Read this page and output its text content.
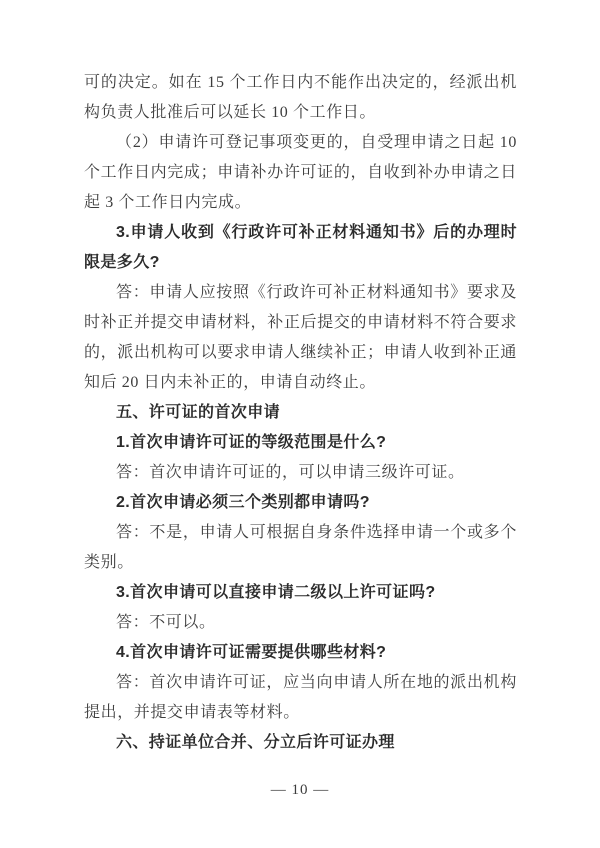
可的决定。如在 15 个工作日内不能作出决定的，经派出机构负责人批准后可以延长 10 个工作日。

（2）申请许可登记事项变更的，自受理申请之日起 10 个工作日内完成；申请补办许可证的，自收到补办申请之日起 3 个工作日内完成。

3.申请人收到《行政许可补正材料通知书》后的办理时限是多久?

答：申请人应按照《行政许可补正材料通知书》要求及时补正并提交申请材料，补正后提交的申请材料不符合要求的，派出机构可以要求申请人继续补正；申请人收到补正通知后 20 日内未补正的，申请自动终止。

五、许可证的首次申请

1.首次申请许可证的等级范围是什么?

答：首次申请许可证的，可以申请三级许可证。

2.首次申请必须三个类别都申请吗?

答：不是，申请人可根据自身条件选择申请一个或多个类别。

3.首次申请可以直接申请二级以上许可证吗?

答：不可以。

4.首次申请许可证需要提供哪些材料?

答：首次申请许可证，应当向申请人所在地的派出机构提出，并提交申请表等材料。

六、持证单位合并、分立后许可证办理

— 10 —
